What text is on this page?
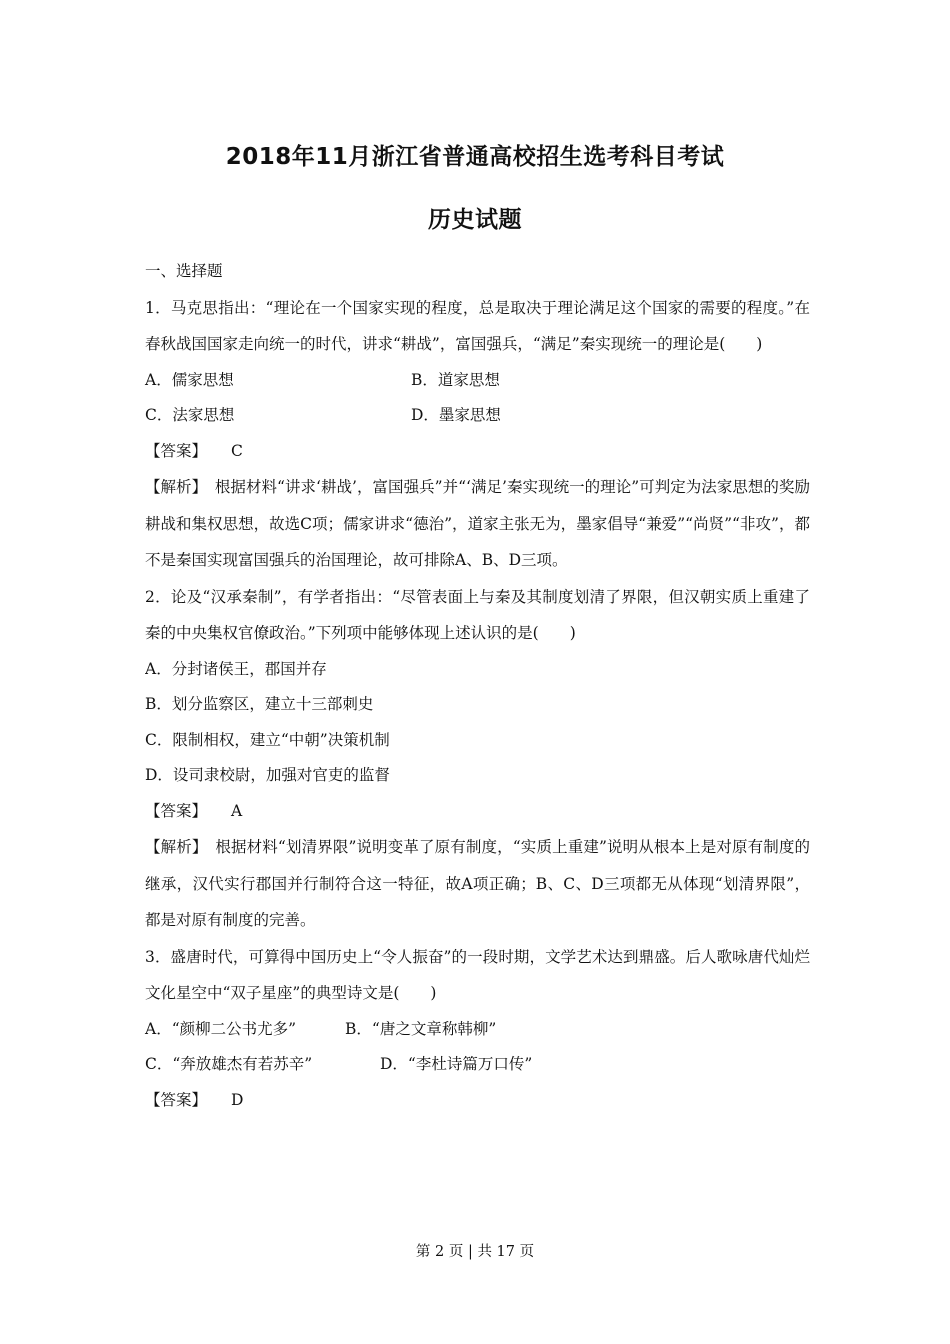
2018年11月浙江省普通高校招生选考科目考试
历史试题
一、选择题

1．马克思指出：“理论在一个国家实现的程度，总是取决于理论满足这个国家的需要的程度。”在春秋战国国家走向统一的时代，讲求“耕战”，富国强兵，“满足”秦实现统一的理论是(　　)

A．儒家思想	B．道家思想
C．法家思想	D．墨家思想
【答案】 C

【解析】　 根据材料“讲求‘耕战’，富国强兵”并“‘满足’秦实现统一的理论”可判定为法家思想的奖励耕战和集权思想，故选C项；儒家讲求“德治”，道家主张无为，墨家倡导“兼爱”“尚贤”“非攻”，都不是秦国实现富国强兵的治国理论，故可排除A、B、D三项。

2．论及“汉承秦制”，有学者指出：“尽管表面上与秦及其制度划清了界限，但汉朝实质上重建了秦的中央集权官僚政治。”下列项中能够体现上述认识的是(　　)

A．分封诸侯王，郡国并存
B．划分监察区，建立十三部刺史
C．限制相权，建立“中朝”决策机制
D．设司隶校尉，加强对官吏的监督
【答案】 A

【解析】　 根据材料“划清界限”说明变革了原有制度，“实质上重建”说明从根本上是对原有制度的继承，汉代实行郡国并行制符合这一特征，故A项正确；B、C、D三项都无从体现“划清界限”，都是对原有制度的完善。

3．盛唐时代，可算得中国历史上“令人振奋”的一段时期，文学艺术达到鼎盛。后人歌咏唐代灿烂文化星空中“双子星座”的典型诗文是(　　)

A．“颜柳二公书尤多”	B．“唐之文章称韩柳”
C．“奔放雄杰有若苏辛”	D．“李杜诗篇万口传”
【答案】 D
第 2 页 | 共 17 页
